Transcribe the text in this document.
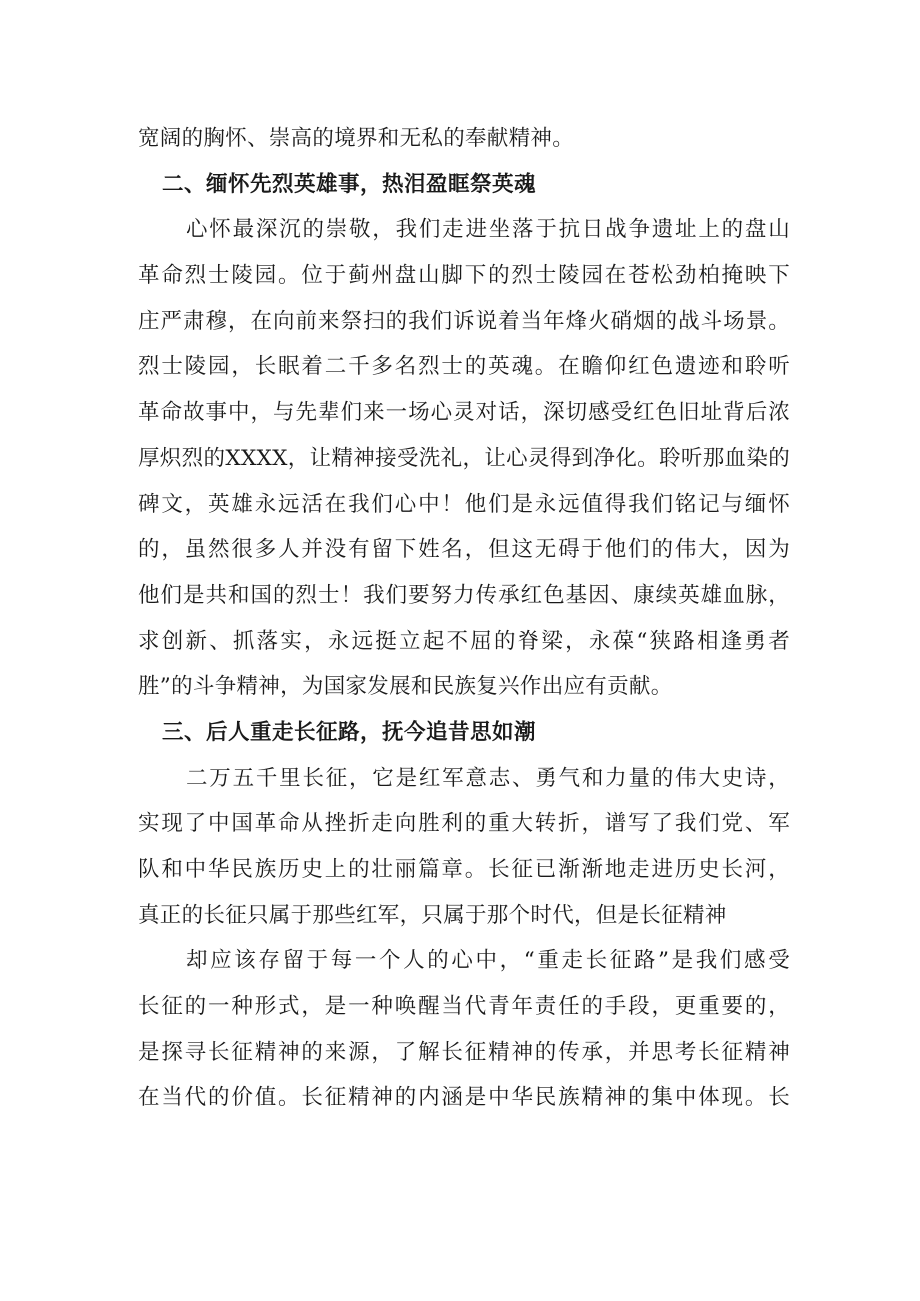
宽阔的胸怀、崇高的境界和无私的奉献精神。
二、缅怀先烈英雄事，热泪盈眶祭英魂
心怀最深沉的崇敬，我们走进坐落于抗日战争遗址上的盘山
革命烈士陵园。位于蓟州盘山脚下的烈士陵园在苍松劲柏掩映下
庄严肃穆，在向前来祭扫的我们诉说着当年烽火硝烟的战斗场景。
烈士陵园，长眠着二千多名烈士的英魂。在瞻仰红色遗迹和聆听
革命故事中，与先辈们来一场心灵对话，深切感受红色旧址背后浓
厚炽烈的XXXX，让精神接受洗礼，让心灵得到净化。聆听那血染的
碑文，英雄永远活在我们心中！他们是永远值得我们铭记与缅怀
的，虽然很多人并没有留下姓名，但这无碍于他们的伟大，因为
他们是共和国的烈士！我们要努力传承红色基因、康续英雄血脉，
求创新、抓落实，永远挺立起不屈的脊梁，永葆“狭路相逢勇者
胜”的斗争精神，为国家发展和民族复兴作出应有贡献。
三、后人重走长征路，抚今追昔思如潮
二万五千里长征，它是红军意志、勇气和力量的伟大史诗，
实现了中国革命从挫折走向胜利的重大转折，谱写了我们党、军
队和中华民族历史上的壮丽篇章。长征已渐渐地走进历史长河，
真正的长征只属于那些红军，只属于那个时代，但是长征精神
却应该存留于每一个人的心中，“重走长征路”是我们感受
长征的一种形式，是一种唤醒当代青年责任的手段，更重要的，
是探寻长征精神的来源，了解长征精神的传承，并思考长征精神
在当代的价值。长征精神的内涵是中华民族精神的集中体现。长
